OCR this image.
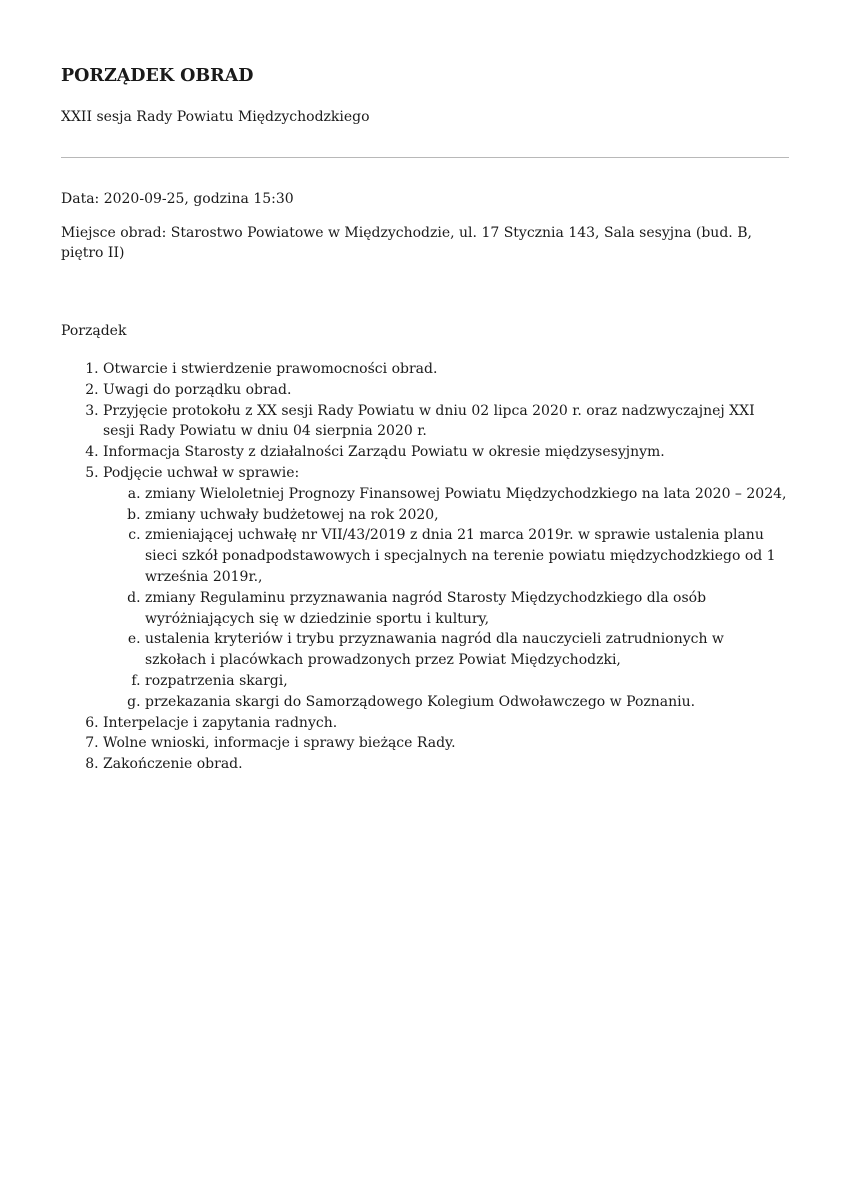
PORZĄDEK OBRAD

XXII sesja Rady Powiatu Międzychodzkiego

Data: 2020-09-25, godzina 15:30

Miejsce obrad: Starostwo Powiatowe w Międzychodzie, ul. 17 Stycznia 143, Sala sesyjna (bud. B, piętro II)

Porządek

1. Otwarcie i stwierdzenie prawomocności obrad.
2. Uwagi do porządku obrad.
3. Przyjęcie protokołu z XX sesji Rady Powiatu w dniu 02 lipca 2020 r. oraz nadzwyczajnej XXI sesji Rady Powiatu w dniu 04 sierpnia 2020 r.
4. Informacja Starosty z działalności Zarządu Powiatu w okresie międzysesyjnym.
5. Podjęcie uchwał w sprawie:
a. zmiany Wieloletniej Prognozy Finansowej Powiatu Międzychodzkiego na lata 2020 – 2024,
b. zmiany uchwały budżetowej na rok 2020,
c. zmieniającej uchwałę nr VII/43/2019 z dnia 21 marca 2019r. w sprawie ustalenia planu sieci szkół ponadpodstawowych i specjalnych na terenie powiatu międzychodzkiego od 1 września 2019r.,
d. zmiany Regulaminu przyznawania nagród Starosty Międzychodzkiego dla osób wyróżniających się w dziedzinie sportu i kultury,
e. ustalenia kryteriów i trybu przyznawania nagród dla nauczycieli zatrudnionych w szkołach i placówkach prowadzonych przez Powiat Międzychodzki,
f. rozpatrzenia skargi,
g. przekazania skargi do Samorządowego Kolegium Odwoławczego w Poznaniu.
6. Interpelacje i zapytania radnych.
7. Wolne wnioski, informacje i sprawy bieżące Rady.
8. Zakończenie obrad.
